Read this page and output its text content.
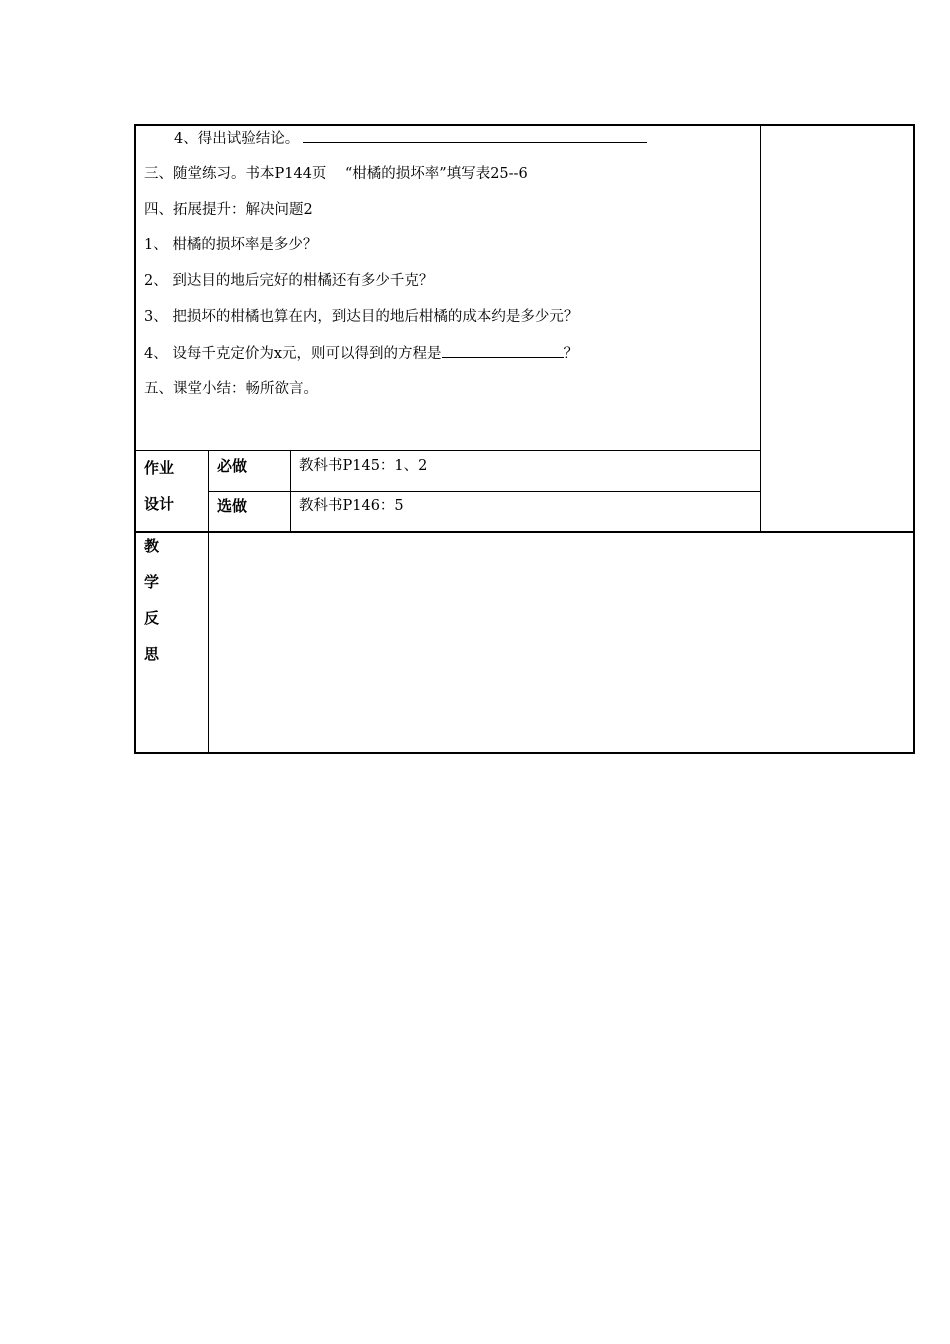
4、得出试验结论。
三、随堂练习。书本P144页    “柑橘的损坏率”填写表25--6
四、拓展提升：解决问题2
1、 柑橘的损坏率是多少？
2、 到达目的地后完好的柑橘还有多少千克？
3、 把损坏的柑橘也算在内，到达目的地后柑橘的成本约是多少元？
4、 设每千克定价为x元，则可以得到的方程是	？
五、课堂小结：畅所欲言。
作业
设计
必做	教科书P145：1、2
选做	教科书P146：5
教
学
反
思
